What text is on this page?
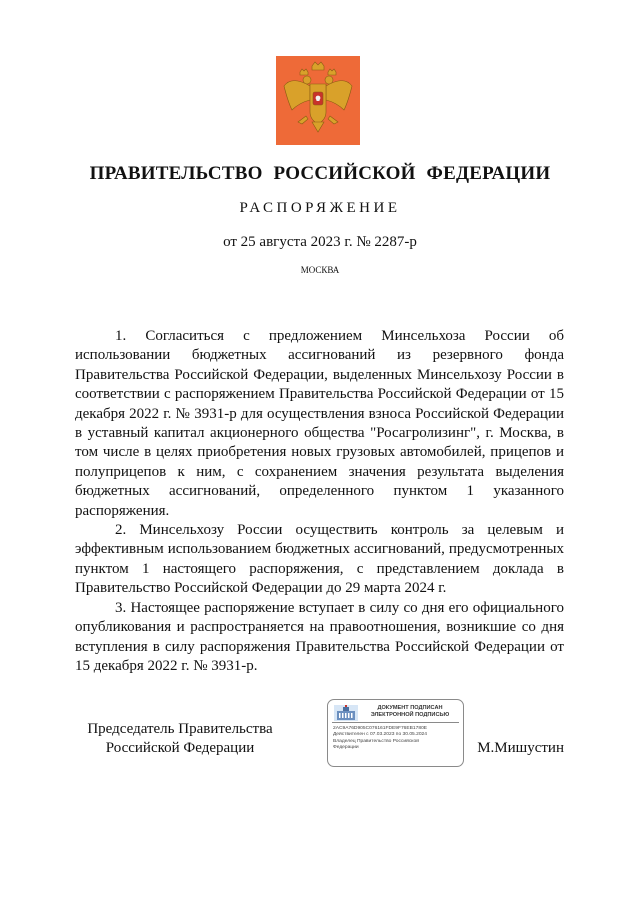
ПРАВИТЕЛЬСТВО РОССИЙСКОЙ ФЕДЕРАЦИИ
РАСПОРЯЖЕНИЕ
от 25 августа 2023 г. № 2287-р
МОСКВА

1. Согласиться с предложением Минсельхоза России об использовании бюджетных ассигнований из резервного фонда Правительства Российской Федерации, выделенных Минсельхозу России в соответствии с распоряжением Правительства Российской Федерации от 15 декабря 2022 г. № 3931-р для осуществления взноса Российской Федерации в уставный капитал акционерного общества "Росагролизинг", г. Москва, в том числе в целях приобретения новых грузовых автомобилей, прицепов и полуприцепов к ним, с сохранением значения результата выделения бюджетных ассигнований, определенного пунктом 1 указанного распоряжения.

2. Минсельхозу России осуществить контроль за целевым и эффективным использованием бюджетных ассигнований, предусмотренных пунктом 1 настоящего распоряжения, с представлением доклада в Правительство Российской Федерации до 29 марта 2024 г.

3. Настоящее распоряжение вступает в силу со дня его официального опубликования и распространяется на правоотношения, возникшие со дня вступления в силу распоряжения Правительства Российской Федерации от 15 декабря 2022 г. № 3931-р.

Председатель Правительства
Российской Федерации
ДОКУМЕНТ ПОДПИСАН
ЭЛЕКТРОННОЙ ПОДПИСЬЮ
2AC9A76D905C076161FDE9F76EB1780E
Действителен с 07.03.2023 по 30.05.2024
Владелец Правительство Российской
Федерации	М.Мишустин
